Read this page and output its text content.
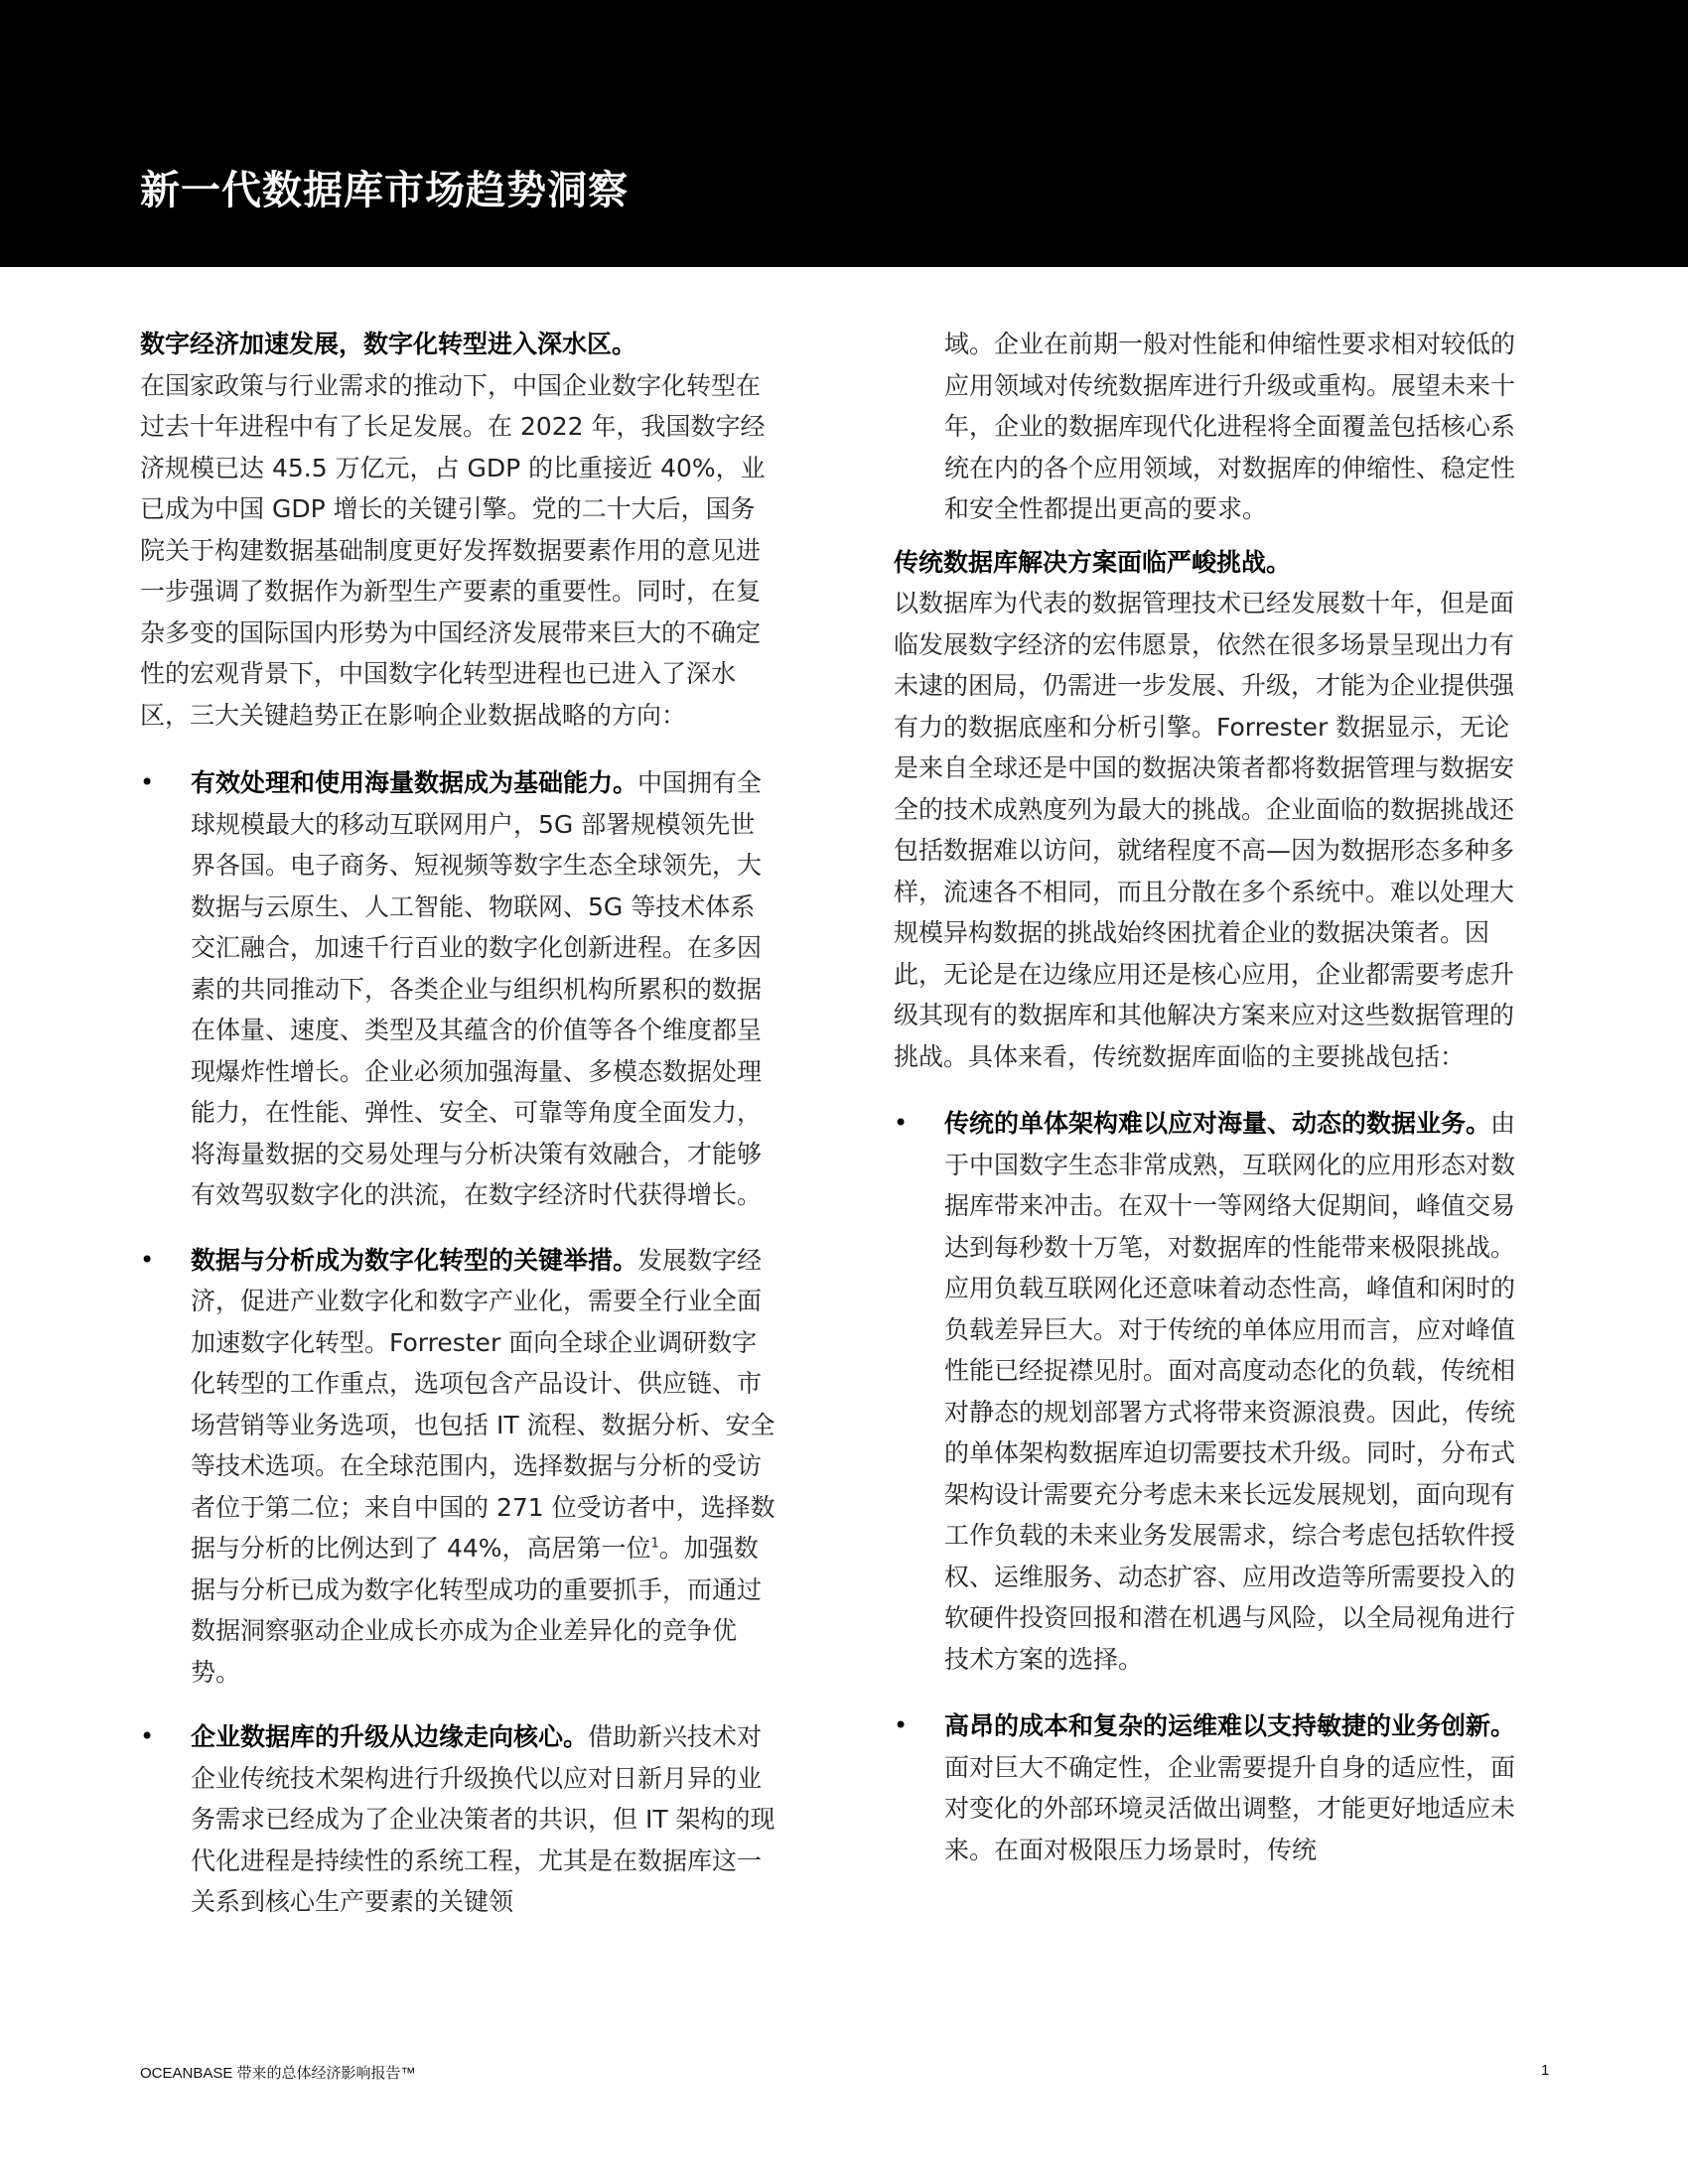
新一代数据库市场趋势洞察

数字经济加速发展，数字化转型进入深水区。

在国家政策与行业需求的推动下，中国企业数字化转型在过去十年进程中有了长足发展。在 2022 年，我国数字经济规模已达 45.5 万亿元，占 GDP 的比重接近 40%，业已成为中国 GDP 增长的关键引擎。党的二十大后，国务院关于构建数据基础制度更好发挥数据要素作用的意见进一步强调了数据作为新型生产要素的重要性。同时，在复杂多变的国际国内形势为中国经济发展带来巨大的不确定性的宏观背景下，中国数字化转型进程也已进入了深水区，三大关键趋势正在影响企业数据战略的方向：

• 有效处理和使用海量数据成为基础能力。中国拥有全球规模最大的移动互联网用户，5G 部署规模领先世界各国。电子商务、短视频等数字生态全球领先，大数据与云原生、人工智能、物联网、5G 等技术体系交汇融合，加速千行百业的数字化创新进程。在多因素的共同推动下，各类企业与组织机构所累积的数据在体量、速度、类型及其蕴含的价值等各个维度都呈现爆炸性增长。企业必须加强海量、多模态数据处理能力，在性能、弹性、安全、可靠等角度全面发力，将海量数据的交易处理与分析决策有效融合，才能够有效驾驭数字化的洪流，在数字经济时代获得增长。
• 数据与分析成为数字化转型的关键举措。发展数字经济，促进产业数字化和数字产业化，需要全行业全面加速数字化转型。Forrester 面向全球企业调研数字化转型的工作重点，选项包含产品设计、供应链、市场营销等业务选项，也包括 IT 流程、数据分析、安全等技术选项。在全球范围内，选择数据与分析的受访者位于第二位；来自中国的 271 位受访者中，选择数据与分析的比例达到了 44%，高居第一位$^1$。加强数据与分析已成为数字化转型成功的重要抓手，而通过数据洞察驱动企业成长亦成为企业差异化的竞争优势。
• 企业数据库的升级从边缘走向核心。借助新兴技术对企业传统技术架构进行升级换代以应对日新月异的业务需求已经成为了企业决策者的共识，但 IT 架构的现代化进程是持续性的系统工程，尤其是在数据库这一关系到核心生产要素的关键领

域。企业在前期一般对性能和伸缩性要求相对较低的应用领域对传统数据库进行升级或重构。展望未来十年，企业的数据库现代化进程将全面覆盖包括核心系统在内的各个应用领域，对数据库的伸缩性、稳定性和安全性都提出更高的要求。

传统数据库解决方案面临严峻挑战。

以数据库为代表的数据管理技术已经发展数十年，但是面临发展数字经济的宏伟愿景，依然在很多场景呈现出力有未逮的困局，仍需进一步发展、升级，才能为企业提供强有力的数据底座和分析引擎。Forrester 数据显示，无论是来自全球还是中国的数据决策者都将数据管理与数据安全的技术成熟度列为最大的挑战。企业面临的数据挑战还包括数据难以访问，就绪程度不高—因为数据形态多种多样，流速各不相同，而且分散在多个系统中。难以处理大规模异构数据的挑战始终困扰着企业的数据决策者。因此，无论是在边缘应用还是核心应用，企业都需要考虑升级其现有的数据库和其他解决方案来应对这些数据管理的挑战。具体来看，传统数据库面临的主要挑战包括：

• 传统的单体架构难以应对海量、动态的数据业务。由于中国数字生态非常成熟，互联网化的应用形态对数据库带来冲击。在双十一等网络大促期间，峰值交易达到每秒数十万笔，对数据库的性能带来极限挑战。应用负载互联网化还意味着动态性高，峰值和闲时的负载差异巨大。对于传统的单体应用而言，应对峰值性能已经捉襟见肘。面对高度动态化的负载，传统相对静态的规划部署方式将带来资源浪费。因此，传统的单体架构数据库迫切需要技术升级。同时，分布式架构设计需要充分考虑未来长远发展规划，面向现有工作负载的未来业务发展需求，综合考虑包括软件授权、运维服务、动态扩容、应用改造等所需要投入的软硬件投资回报和潜在机遇与风险，以全局视角进行技术方案的选择。
• 高昂的成本和复杂的运维难以支持敏捷的业务创新。面对巨大不确定性，企业需要提升自身的适应性，面对变化的外部环境灵活做出调整，才能更好地适应未来。在面对极限压力场景时，传统
OCEANBASE 带来的总体经济影响报告™	1
